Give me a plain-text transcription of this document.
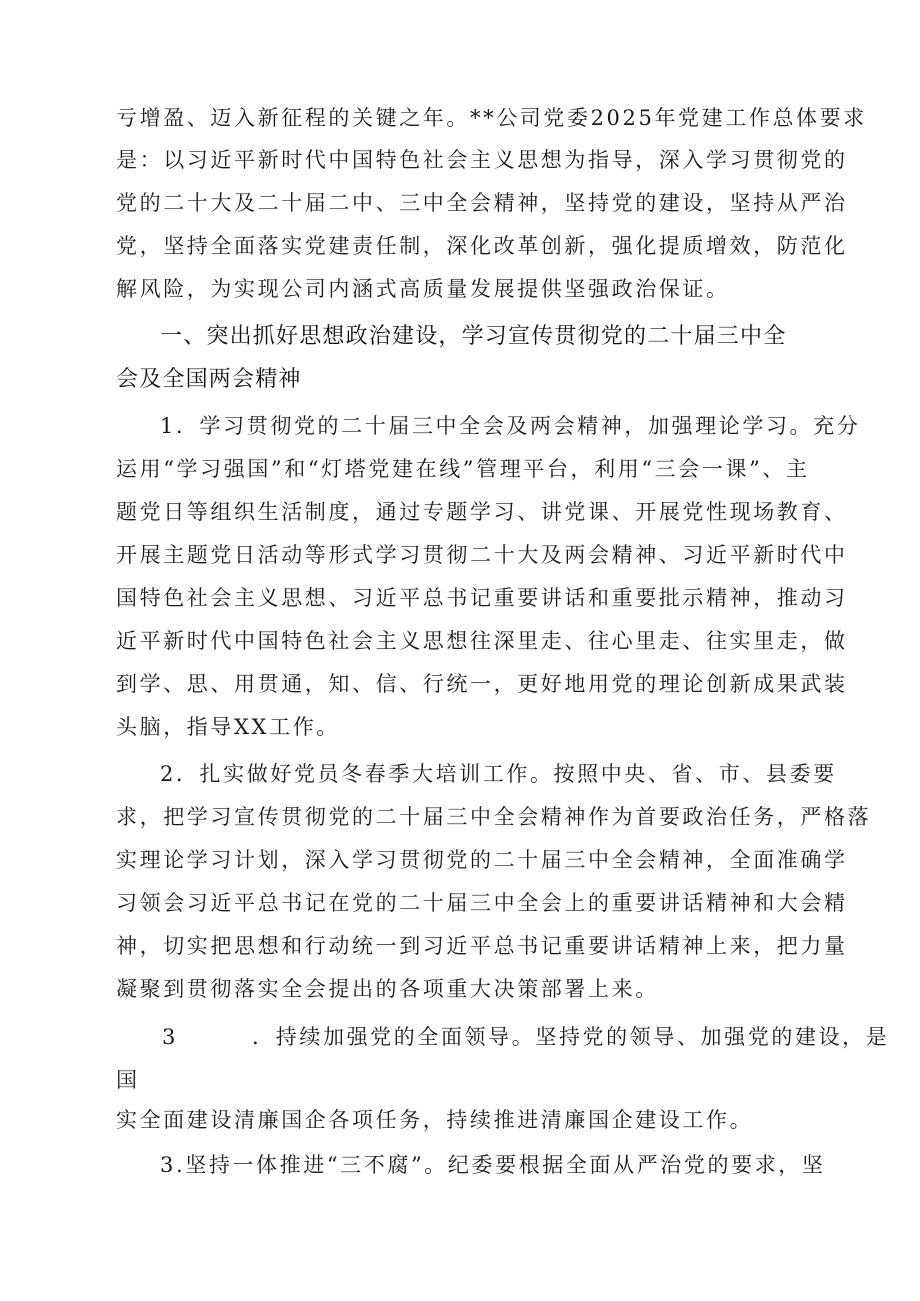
亏增盈、迈入新征程的关键之年。**公司党委2025年党建工作总体要求
是：以习近平新时代中国特色社会主义思想为指导，深入学习贯彻党的
党的二十大及二十届二中、三中全会精神，坚持党的建设，坚持从严治
党，坚持全面落实党建责任制，深化改革创新，强化提质增效，防范化
解风险，为实现公司内涵式高质量发展提供坚强政治保证。
一、突出抓好思想政治建设，学习宣传贯彻党的二十届三中全
会及全国两会精神
1．学习贯彻党的二十届三中全会及两会精神，加强理论学习。充分
运用“学习强国”和“灯塔党建在线”管理平台，利用“三会一课”、主
题党日等组织生活制度，通过专题学习、讲党课、开展党性现场教育、
开展主题党日活动等形式学习贯彻二十大及两会精神、习近平新时代中
国特色社会主义思想、习近平总书记重要讲话和重要批示精神，推动习
近平新时代中国特色社会主义思想往深里走、往心里走、往实里走，做
到学、思、用贯通，知、信、行统一，更好地用党的理论创新成果武装
头脑，指导XX工作。
2．扎实做好党员冬春季大培训工作。按照中央、省、市、县委要
求，把学习宣传贯彻党的二十届三中全会精神作为首要政治任务，严格落
实理论学习计划，深入学习贯彻党的二十届三中全会精神，全面准确学
习领会习近平总书记在党的二十届三中全会上的重要讲话精神和大会精
神，切实把思想和行动统一到习近平总书记重要讲话精神上来，把力量
凝聚到贯彻落实全会提出的各项重大决策部署上来。
3        ．持续加强党的全面领导。坚持党的领导、加强党的建设，是
国
实全面建设清廉国企各项任务，持续推进清廉国企建设工作。
3.坚持一体推进“三不腐”。纪委要根据全面从严治党的要求，坚
